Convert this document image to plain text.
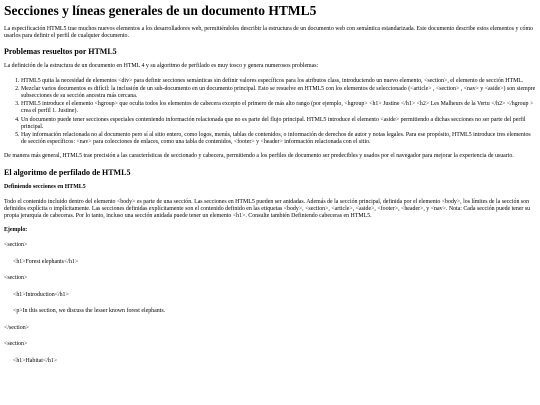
Secciones y líneas generales de un documento HTML5

La especificación HTML5 trae muchos nuevos elementos a los desarrolladores web, permitiéndoles describir la estructura de un documento web con semántica estandarizada. Este documento describe estos elementos y cómo usarlos para definir el perfil de cualquier documento.

Problemas resueltos por HTML5

La definición de la estructura de un documento en HTML 4 y su algoritmo de perfilado es muy tosco y genera numerosos problemas:

1. HTML5 quita la necesidad de elementos <div> para definir secciones semánticas sin definir valores específicos para los atributos class, introduciendo un nuevo elemento, <section>, el elemento de sección HTML.
2. Mezclar varios documentos es difícil: la inclusión de un sub-documento en un documento principal. Esto se resuelve en HTML5 con los elementos de seleccionado (<article> , <section> , <nav> y <aside>) son siempre subsecciones de su sección ancestra más cercana.
3. HTML5 introduce el elemento <hgroup> que oculta todos los elementos de cabecera excepto el primero de más alto rango (por ejemplo, <hgroup> <h1> Justine </h1> <h2> Les Malheurs de la Vertu </h2> </hgroup > crea el perfil 1. Justine).
4. Un documento puede tener secciones especiales conteniendo información relacionada que no es parte del flujo principal. HTML5 introduce el elemento <aside> permitiendo a dichas secciones no ser parte del perfil principal.
5. Hay información relacionada no al documento pero sí al sitio entero, como logos, menús, tablas de contenidos, o información de derechos de autor y notas legales. Para ese propósito, HTML5 introduce tres elementos de sección específicos: <nav> para colecciones de enlaces, como una tabla de contenidos, <footer> y <header> información relacionada con el sitio.

De manera más general, HTML5 trae precisión a las características de seccionado y cabecera, permitiendo a los perfiles de documento ser predecibles y usados por el navegador para mejorar la experiencia de usuario.

El algoritmo de perfilado de HTML5
Definiendo secciones en HTML5

Todo el contenido incluido dentro del elemento <body> es parte de una sección. Las secciones en HTML5 pueden ser anidadas. Además de la sección principal, definida por el elemento <body>, los límites de la sección son definidos explícita o implícitamente. Las secciones definidas explícitamente son el contenido definido en las etiquetas <body>, <section>, <article>, <aside>, <footer>, <header>, y <nav>. Nota: Cada sección puede tener su propia jerarquía de cabeceras. Por lo tanto, incluso una sección anidada puede tener un elemento <h1>. Consulte también Definiendo cabeceras en HTML5.

Ejemplo:
<section>
<h1>Forest elephants</h1>
<section>
<h1>Introduction</h1>
<p>In this section, we discuss the lesser known forest elephants.
</section>
<section>
<h1>Habitat</h1>
